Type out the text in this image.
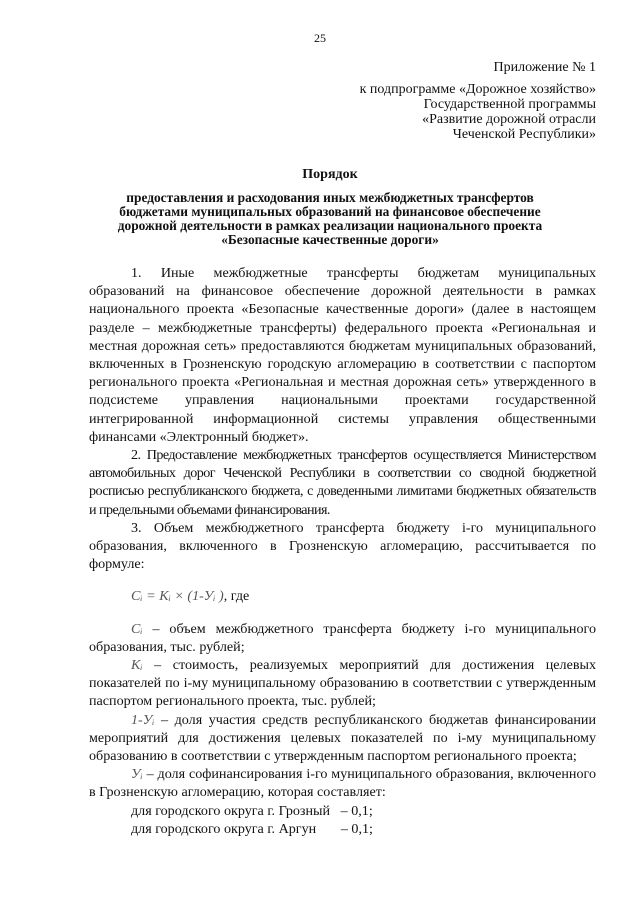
25
Приложение № 1
к подпрограмме «Дорожное хозяйство»
Государственной программы
«Развитие дорожной отрасли
Чеченской Республики»
Порядок
предоставления и расходования иных межбюджетных трансфертов
бюджетами муниципальных образований на финансовое обеспечение
дорожной деятельности в рамках реализации национального проекта
«Безопасные качественные дороги»

1. Иные межбюджетные трансферты бюджетам муниципальных образований на финансовое обеспечение дорожной деятельности в рамках национального проекта «Безопасные качественные дороги» (далее в настоящем разделе – межбюджетные трансферты) федерального проекта «Региональная и местная дорожная сеть» предоставляются бюджетам муниципальных образований, включенных в Грозненскую городскую агломерацию в соответствии с паспортом регионального проекта «Региональная и местная дорожная сеть» утвержденного в подсистеме управления национальными проектами государственной интегрированной информационной системы управления общественными финансами «Электронный бюджет».

2. Предоставление межбюджетных трансфертов осуществляется Министерством автомобильных дорог Чеченской Республики в соответствии со сводной бюджетной росписью республиканского бюджета, с доведенными лимитами бюджетных обязательств и предельными объемами финансирования.

3. Объем межбюджетного трансферта бюджету i-го муниципального образования, включенного в Грозненскую агломерацию, рассчитывается по формуле:

Cᵢ = Kᵢ × (1-Уᵢ ), где

Cᵢ – объем межбюджетного трансферта бюджету i-го муниципального образования, тыс. рублей;

Kᵢ – стоимость, реализуемых мероприятий для достижения целевых показателей по i-му муниципальному образованию в соответствии с утвержденным паспортом регионального проекта, тыс. рублей;

1-Уᵢ – доля участия средств республиканского бюджетав финансировании мероприятий для достижения целевых показателей по i-му муниципальному образованию в соответствии с утвержденным паспортом регионального проекта;

Уᵢ – доля софинансирования i-го муниципального образования, включенного в Грозненскую агломерацию, которая составляет:

для городского округа г. Грозный – 0,1;
для городского округа г. Аргун – 0,1;
